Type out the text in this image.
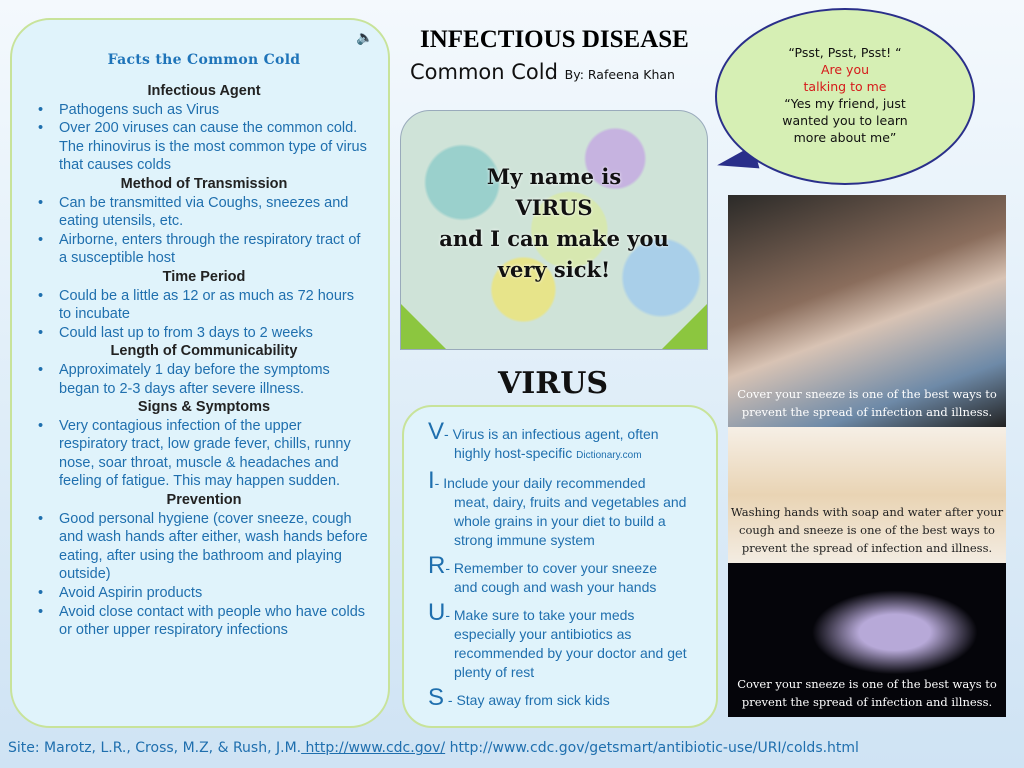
Facts the Common Cold
Infectious Agent
• Pathogens such as Virus
• Over 200 viruses can cause the common cold. The rhinovirus is the most common type of virus that causes colds
Method of Transmission
• Can be transmitted via Coughs, sneezes and eating utensils, etc.
• Airborne, enters through the respiratory tract of a susceptible host
Time Period
• Could be a little as 12 or as much as 72 hours to incubate
• Could last up to from 3 days to 2 weeks
Length of Communicability
• Approximately 1 day before the symptoms began to 2-3 days after severe illness.
Signs & Symptoms
• Very contagious infection of the upper respiratory tract, low grade fever, chills, runny nose, soar throat, muscle & headaches and feeling of fatigue. This may happen sudden.
Prevention
• Good personal hygiene (cover sneeze, cough and wash hands after either, wash hands before eating, after using the bathroom and playing outside)
• Avoid Aspirin products
• Avoid close contact with people who have colds or other upper respiratory infections
🔈 INFECTIOUS DISEASE
Common Cold By: Rafeena Khan

My name is
VIRUS
and I can make you
very sick!

“Psst, Psst, Psst! “
Are you
talking to me
“Yes my friend, just
wanted you to learn
more about me”
Cover your sneeze is one of the best ways to prevent the spread of infection and illness.
Washing hands with soap and water after your cough and sneeze is one of the best ways to prevent the spread of infection and illness.
Cover your sneeze is one of the best ways to prevent the spread of infection and illness.
VIRUS
V- Virus is an infectious agent, often
highly host-specific Dictionary.com
I- Include your daily recommended
meat, dairy, fruits and vegetables and whole grains in your diet to build a strong immune system
R- Remember to cover your sneeze
and cough and wash your hands
U- Make sure to take your meds
especially your antibiotics as recommended by your doctor and get plenty of rest
S - Stay away from sick kids
Site: Marotz, L.R., Cross, M.Z, & Rush, J.M. http://www.cdc.gov/ http://www.cdc.gov/getsmart/antibiotic-use/URI/colds.html
